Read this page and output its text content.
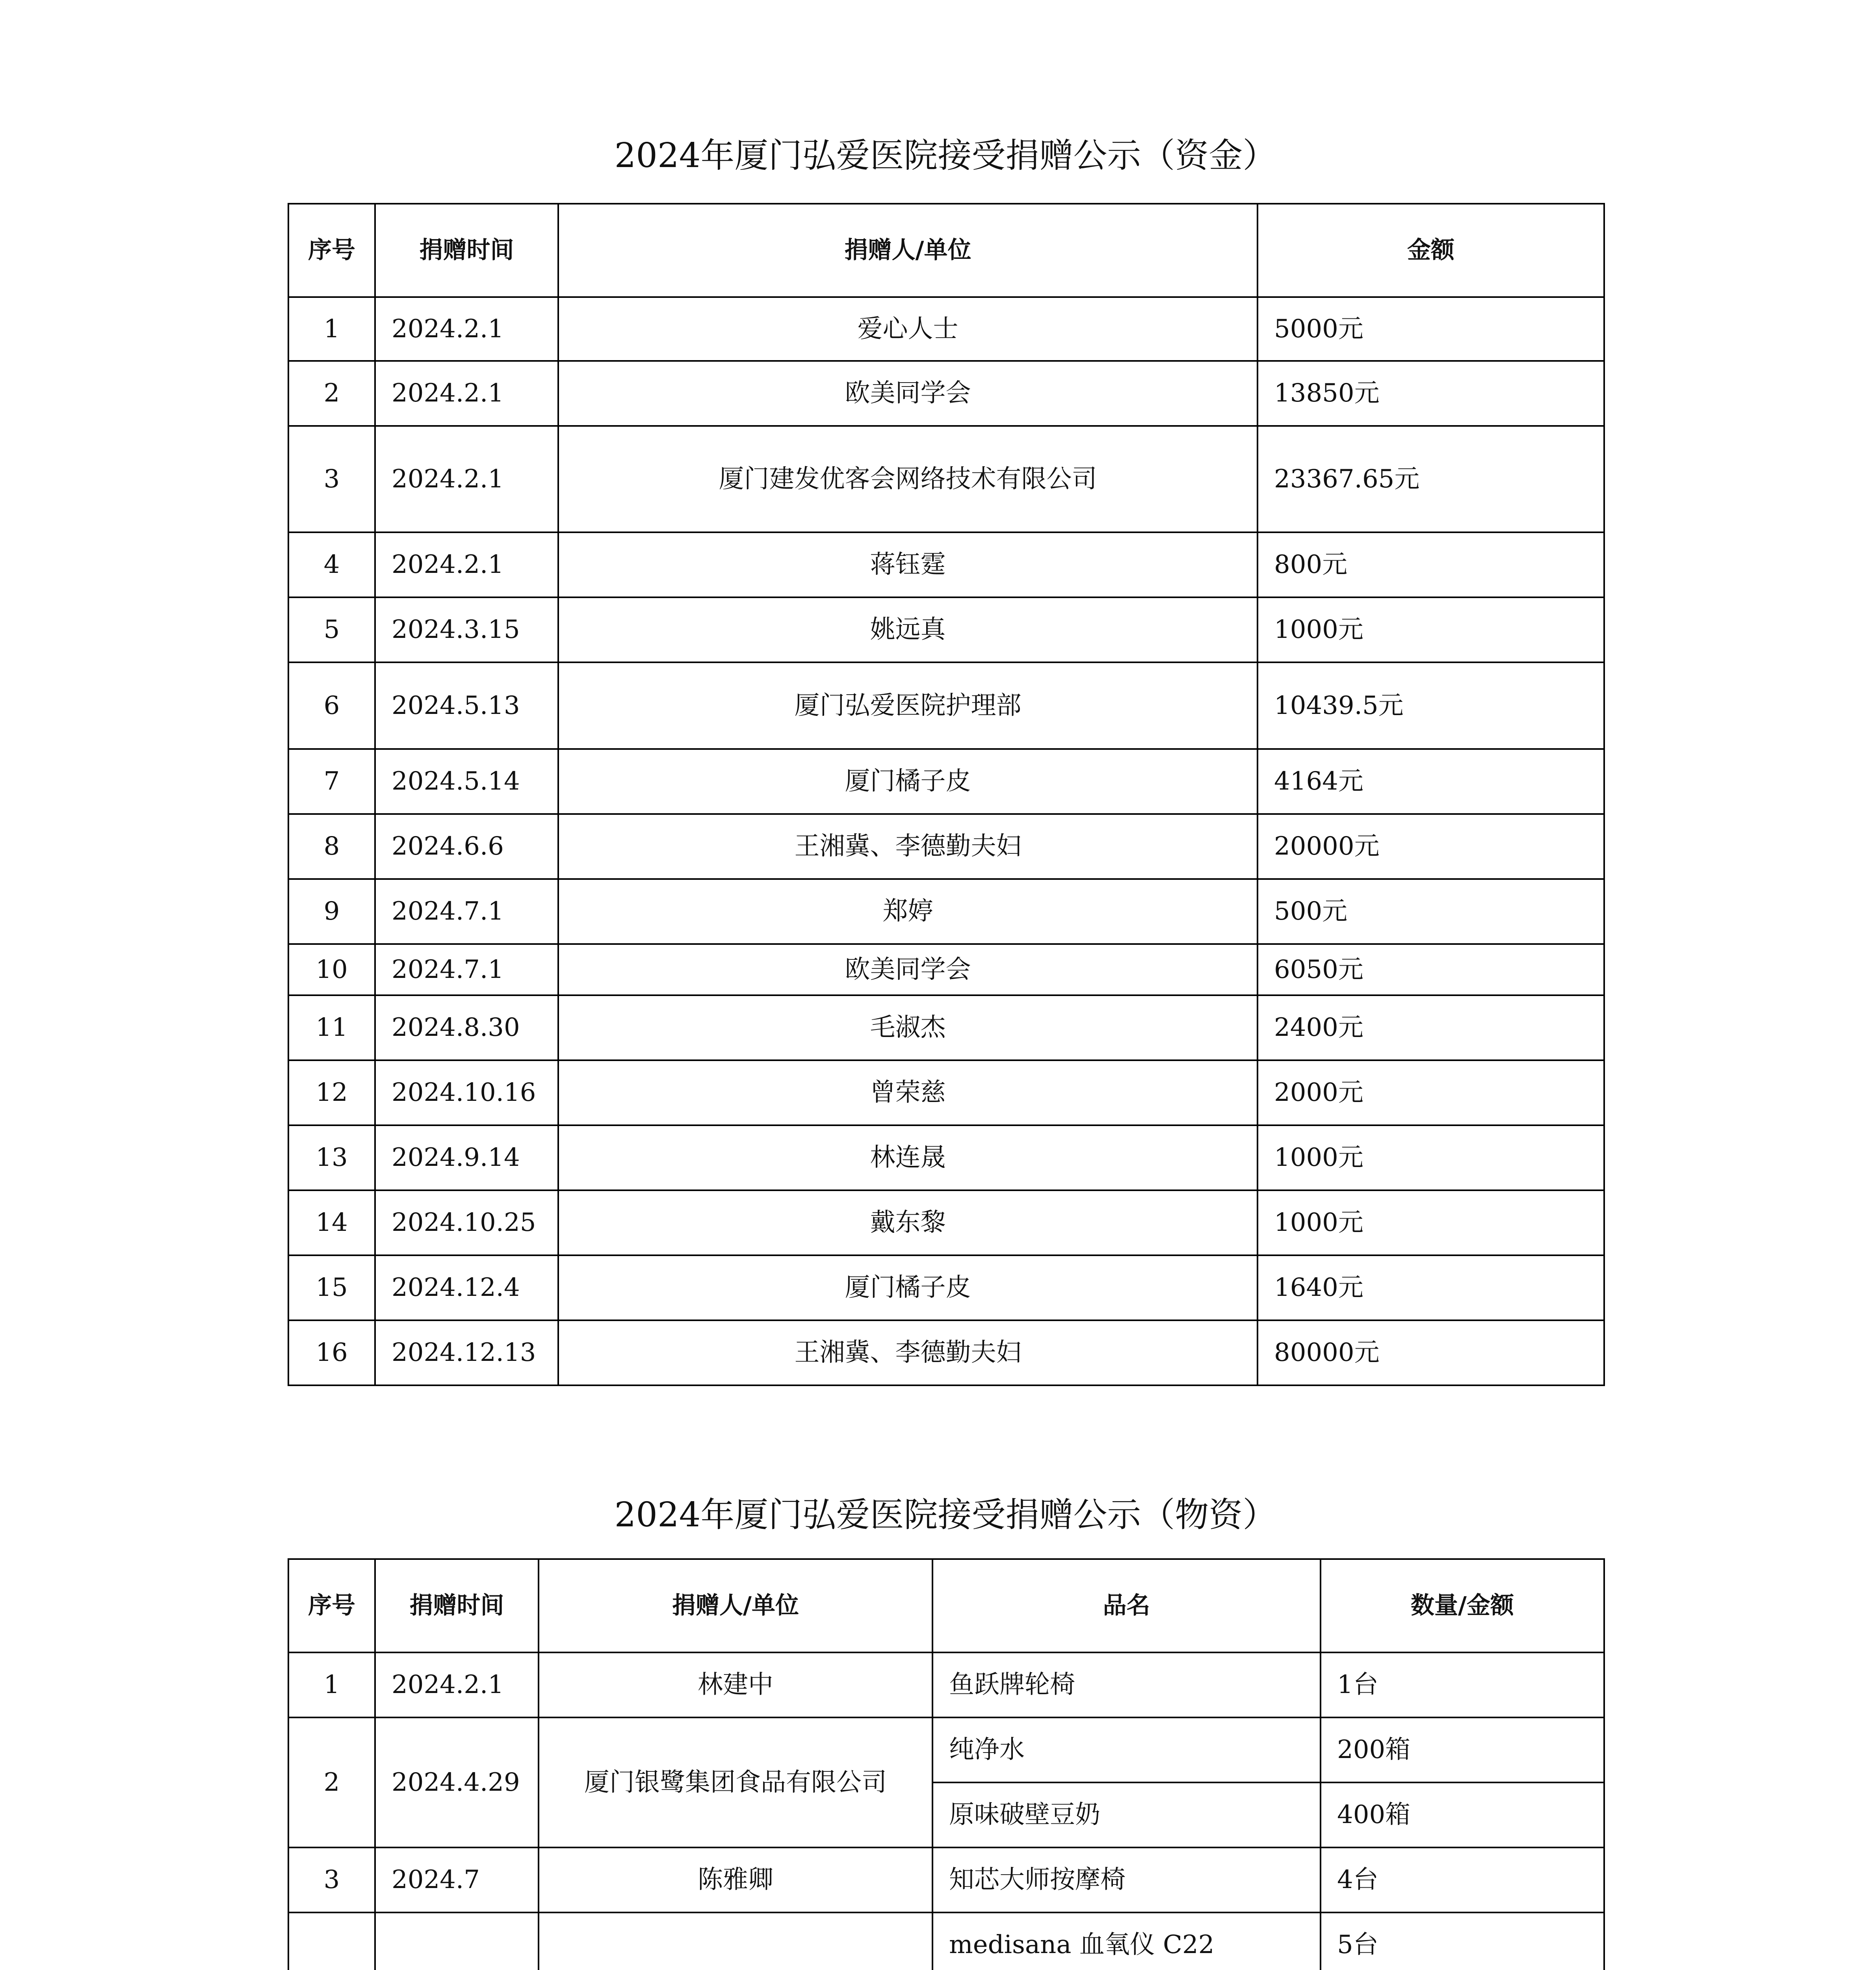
2024年厦门弘爱医院接受捐赠公示（资金）
序号	捐赠时间	捐赠人/单位	金额
1	2024.2.1	爱心人士	5000元
2	2024.2.1	欧美同学会	13850元
3	2024.2.1	厦门建发优客会网络技术有限公司	23367.65元
4	2024.2.1	蒋钰霆	800元
5	2024.3.15	姚远真	1000元
6	2024.5.13	厦门弘爱医院护理部	10439.5元
7	2024.5.14	厦门橘子皮	4164元
8	2024.6.6	王湘冀、李德勤夫妇	20000元
9	2024.7.1	郑婷	500元
10	2024.7.1	欧美同学会	6050元
11	2024.8.30	毛淑杰	2400元
12	2024.10.16	曾荣慈	2000元
13	2024.9.14	林连晟	1000元
14	2024.10.25	戴东黎	1000元
15	2024.12.4	厦门橘子皮	1640元
16	2024.12.13	王湘冀、李德勤夫妇	80000元
2024年厦门弘爱医院接受捐赠公示（物资）
序号	捐赠时间	捐赠人/单位	品名	数量/金额
1	2024.2.1	林建中	鱼跃牌轮椅	1台
2	2024.4.29	厦门银鹭集团食品有限公司	纯净水	200箱
			原味破壁豆奶	400箱
3	2024.7	陈雅卿	知芯大师按摩椅	4台
			medisana 血氧仪 C22	5台
